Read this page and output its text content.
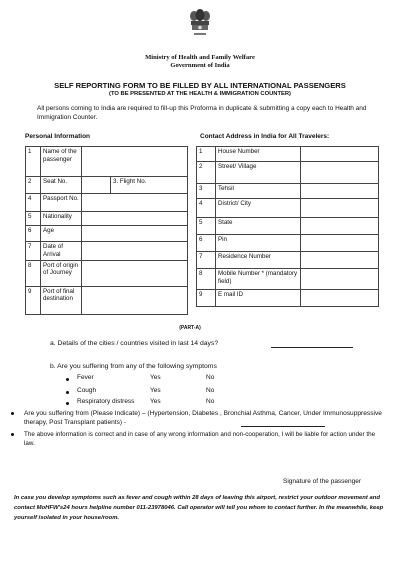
Ministry of Health and Family Welfare
Government of India
SELF REPORTING FORM TO BE FILLED BY ALL INTERNATIONAL PASSENGERS
(TO BE PRESENTED AT THE HEALTH & IMMIGRATION COUNTER)
All persons coming to India are required to fill-up this Proforma in duplicate & submitting a copy each to Health and Immigration Counter.
Personal Information	Contact Address in India for All Travelers:
1	Name of the passenger		
2	Seat No.		3. Flight No.
4	Passport No.		
5	Nationality		
6	Age		
7	Date of Arrival		
8	Port of origin of Journey		
9	Port of final destination		
1	House Number	
2	Street/ Village	
3	Tehsil	
4	District/ City	
5	State	
6	Pin	
7	Residence Number	
8	Mobile Number * (mandatory field)	
9	E mail ID	
(PART-A)
a. Details of the cities / countries visited in last 14 days?
b. Are you suffering from any of the following symptoms
Fever	Yes	No
Cough	Yes	No
Respiratory distress Yes	No
Are you suffering from (Please Indicate) – (Hypertension, Diabetes , Bronchial Asthma, Cancer, Under Immunosuppressive therapy, Post Transplant patients) -
The above information is correct and in case of any wrong information and non-cooperation, I will be liable for action under the law.
Signature of the passenger
In case you develop symptoms such as fever and cough within 28 days of leaving this airport, restrict your outdoor movement and contact MoHFW's24 hours helpline number 011-23978046. Call operator will tell you whom to contact further. In the meanwhile, keep yourself isolated in your house/room.
